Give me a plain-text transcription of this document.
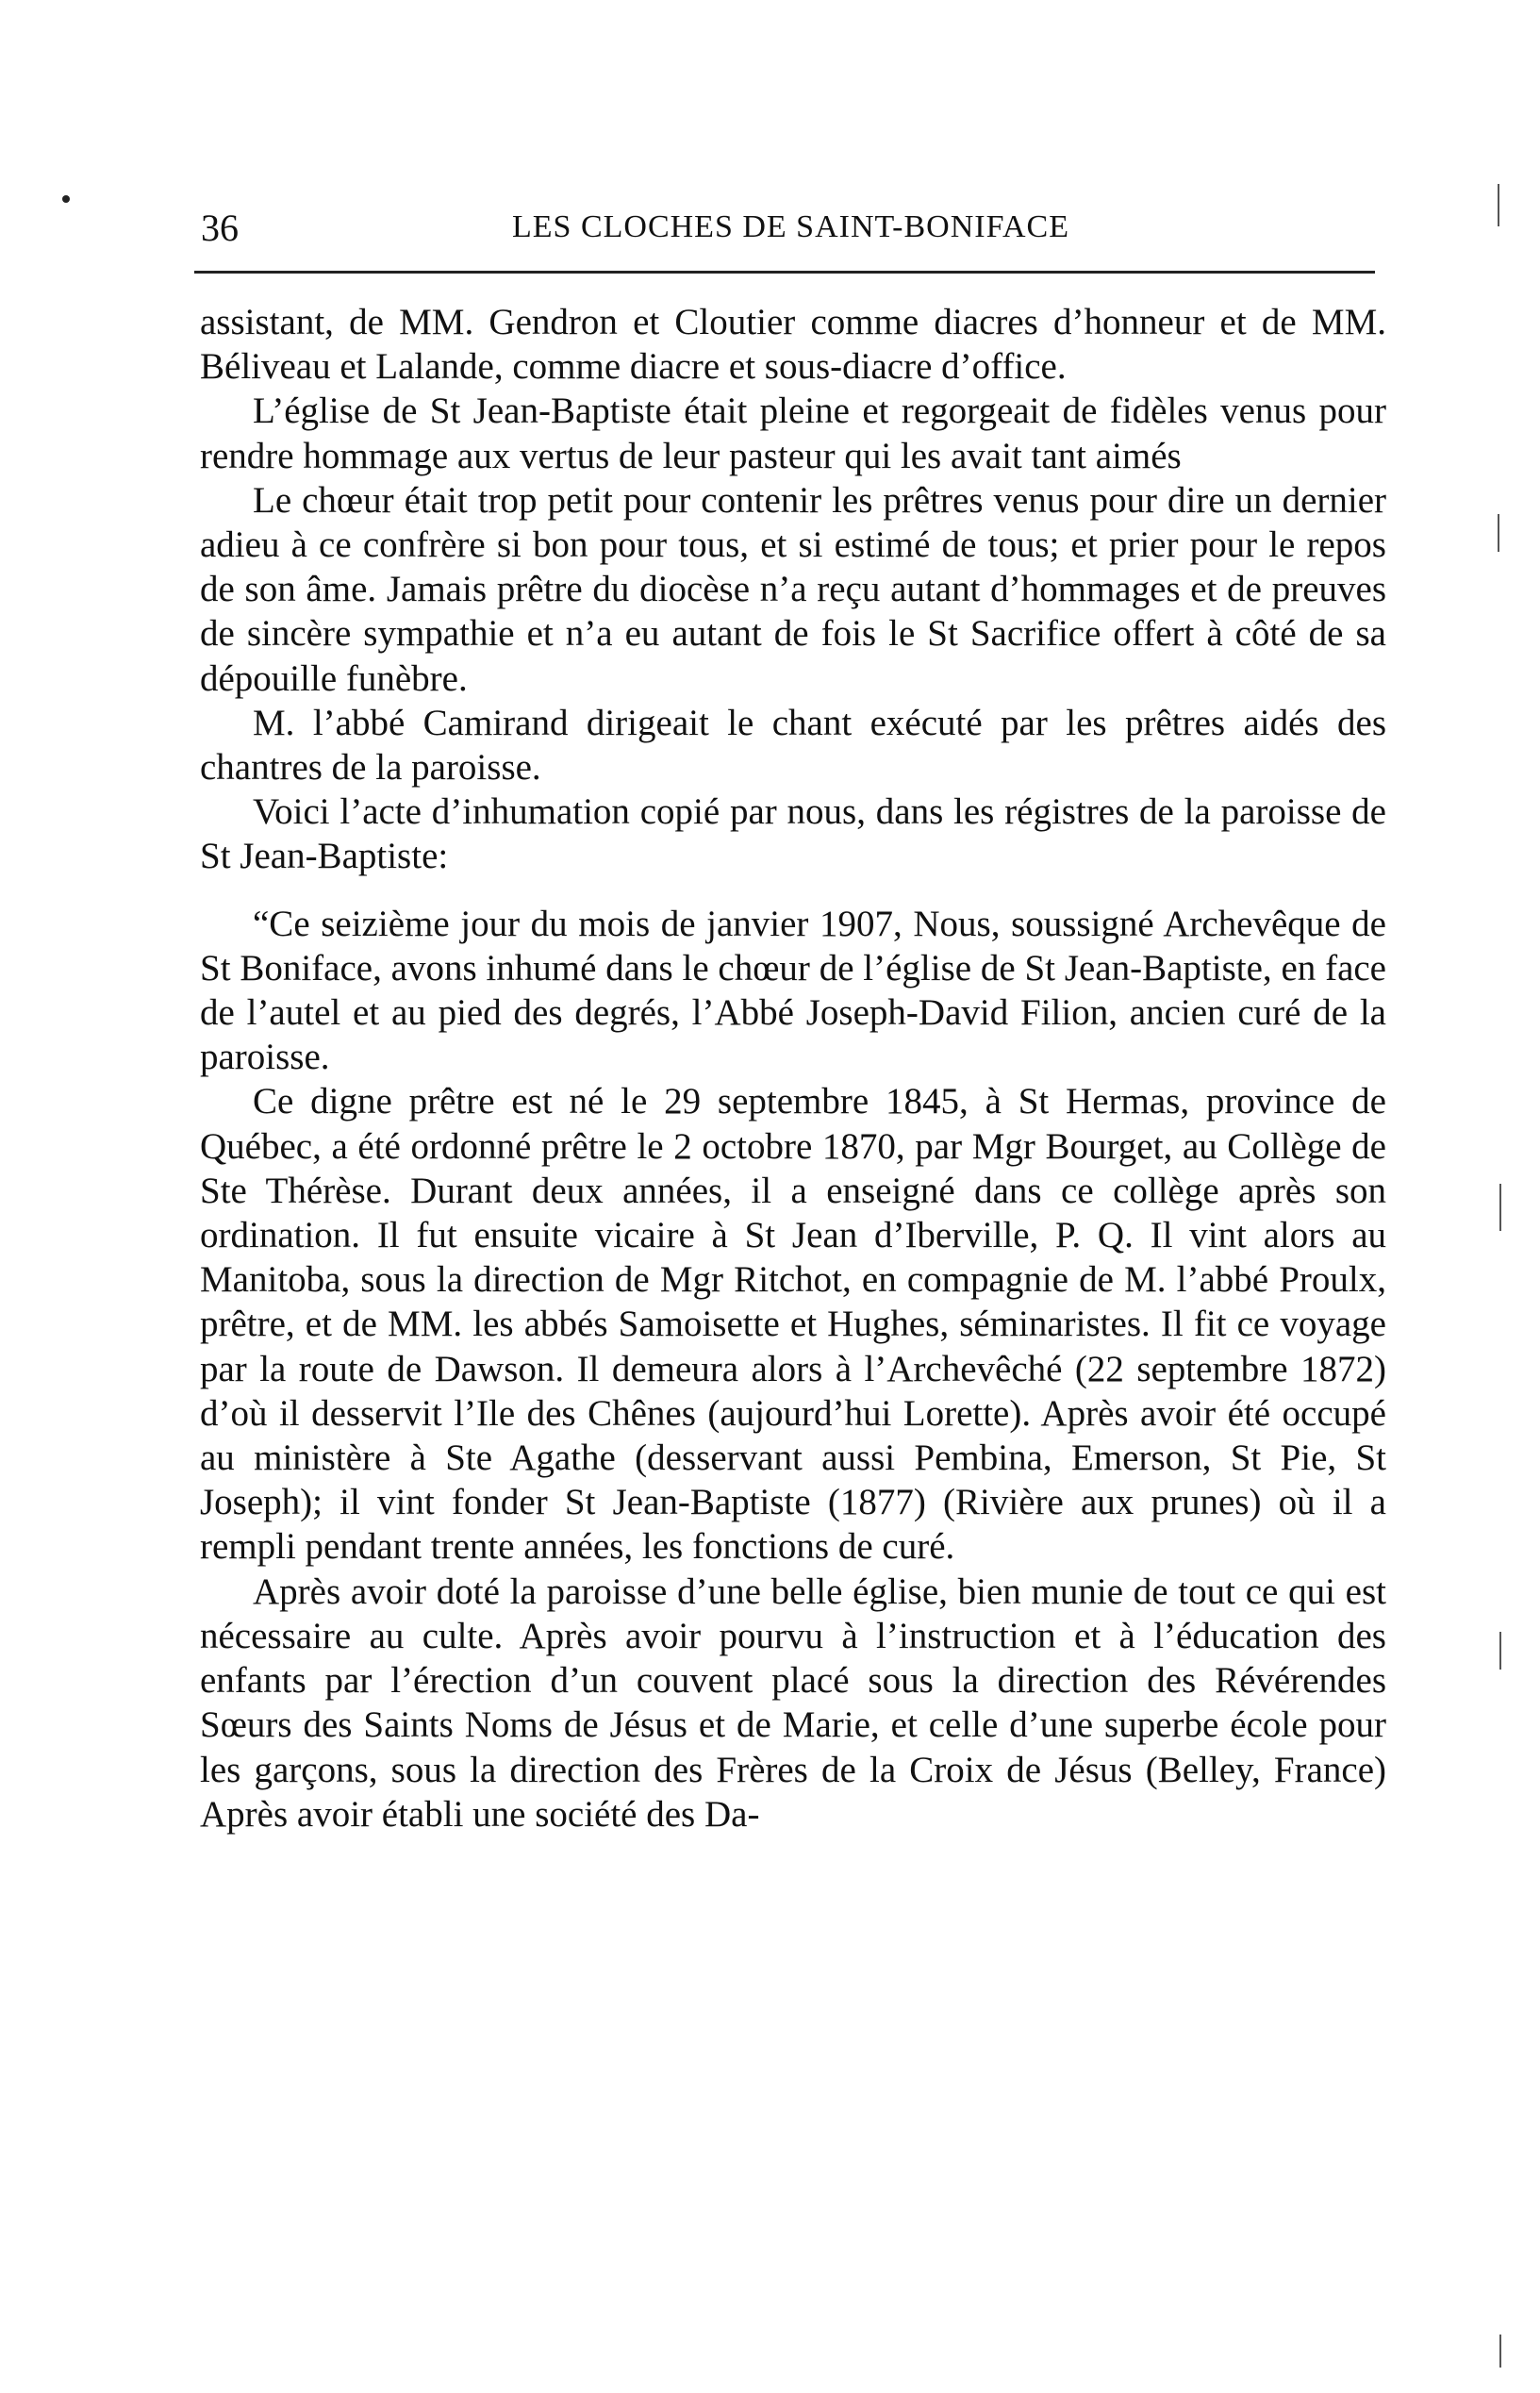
36	LES CLOCHES DE SAINT-BONIFACE

assistant, de MM. Gendron et Cloutier comme diacres d’honneur et de MM. Béliveau et Lalande, comme diacre et sous-diacre d’office.

L’église de St Jean-Baptiste était pleine et regorgeait de fidèles venus pour rendre hommage aux vertus de leur pasteur qui les avait tant aimés

Le chœur était trop petit pour contenir les prêtres venus pour dire un dernier adieu à ce confrère si bon pour tous, et si estimé de tous; et prier pour le repos de son âme. Jamais prêtre du diocèse n’a reçu autant d’hommages et de preuves de sincère sympathie et n’a eu autant de fois le St Sacrifice offert à côté de sa dépouille funèbre.

M. l’abbé Camirand dirigeait le chant exécuté par les prêtres aidés des chantres de la paroisse.

Voici l’acte d’inhumation copié par nous, dans les régistres de la paroisse de St Jean-Baptiste:

“Ce seizième jour du mois de janvier 1907, Nous, soussigné Archevêque de St Boniface, avons inhumé dans le chœur de l’église de St Jean-Baptiste, en face de l’autel et au pied des degrés, l’Abbé Joseph-David Filion, ancien curé de la paroisse.

Ce digne prêtre est né le 29 septembre 1845, à St Hermas, province de Québec, a été ordonné prêtre le 2 octobre 1870, par Mgr Bourget, au Collège de Ste Thérèse. Durant deux années, il a enseigné dans ce collège après son ordination. Il fut ensuite vicaire à St Jean d’Iberville, P. Q. Il vint alors au Manitoba, sous la direction de Mgr Ritchot, en compagnie de M. l’abbé Proulx, prêtre, et de MM. les abbés Samoisette et Hughes, séminaristes. Il fit ce voyage par la route de Dawson. Il demeura alors à l’Archevêché (22 septembre 1872) d’où il desservit l’Ile des Chênes (aujourd’hui Lorette). Après avoir été occupé au ministère à Ste Agathe (desservant aussi Pembina, Emerson, St Pie, St Joseph); il vint fonder St Jean-Baptiste (1877) (Rivière aux prunes) où il a rempli pendant trente années, les fonctions de curé.

Après avoir doté la paroisse d’une belle église, bien munie de tout ce qui est nécessaire au culte. Après avoir pourvu à l’instruction et à l’éducation des enfants par l’érection d’un couvent placé sous la direction des Révérendes Sœurs des Saints Noms de Jésus et de Marie, et celle d’une superbe école pour les garçons, sous la direction des Frères de la Croix de Jésus (Belley, France) Après avoir établi une société des Da-
